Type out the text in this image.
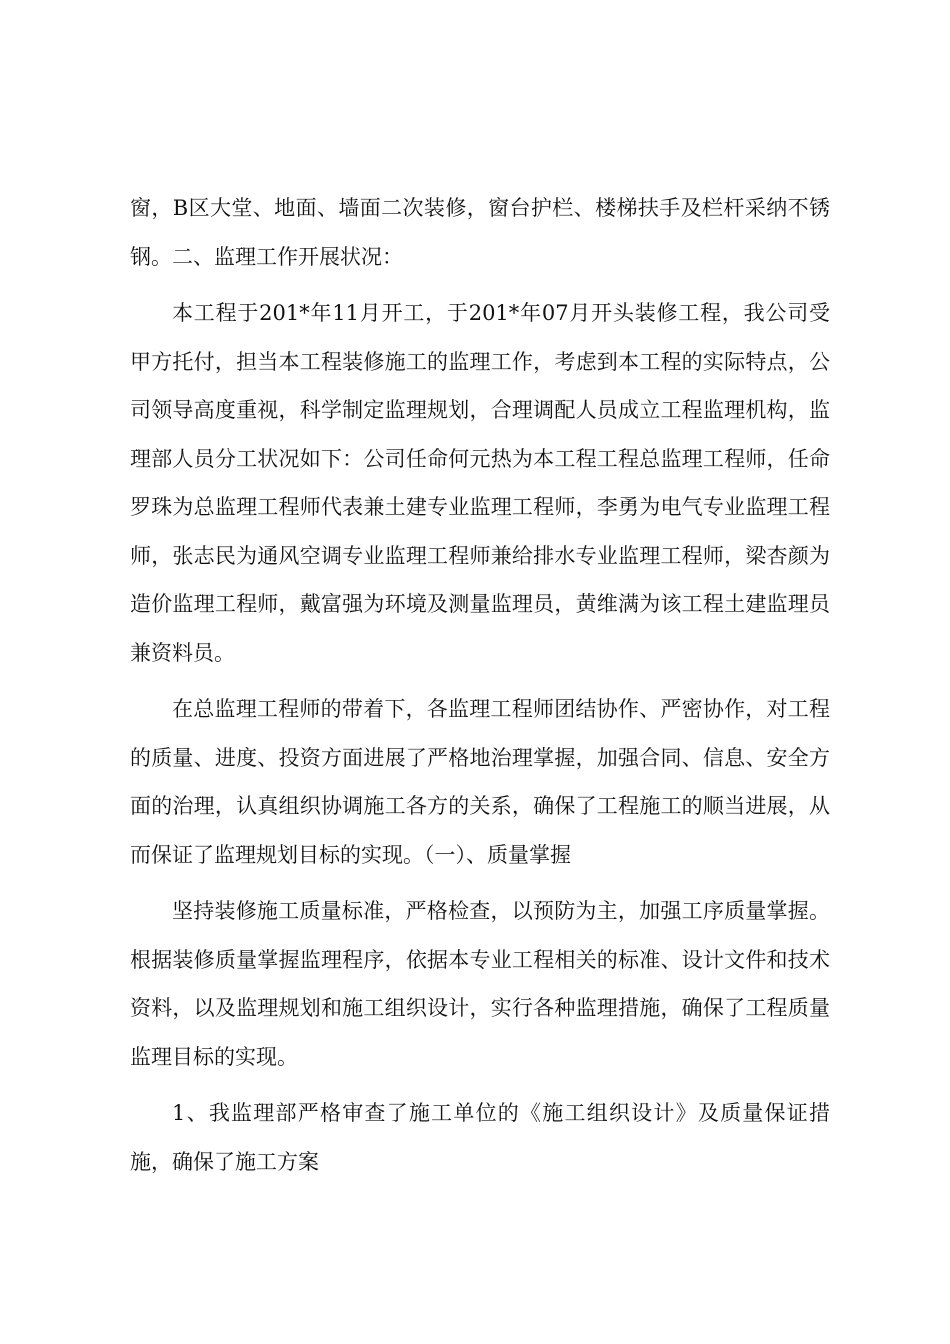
窗，B区大堂、地面、墙面二次装修，窗台护栏、楼梯扶手及栏杆采纳不锈钢。二、监理工作开展状况：

本工程于201*年11月开工，于201*年07月开头装修工程，我公司受甲方托付，担当本工程装修施工的监理工作，考虑到本工程的实际特点，公司领导高度重视，科学制定监理规划，合理调配人员成立工程监理机构，监理部人员分工状况如下：公司任命何元热为本工程工程总监理工程师，任命罗珠为总监理工程师代表兼土建专业监理工程师，李勇为电气专业监理工程师，张志民为通风空调专业监理工程师兼给排水专业监理工程师，梁杏颜为造价监理工程师，戴富强为环境及测量监理员，黄维满为该工程土建监理员兼资料员。

在总监理工程师的带着下，各监理工程师团结协作、严密协作，对工程的质量、进度、投资方面进展了严格地治理掌握，加强合同、信息、安全方面的治理，认真组织协调施工各方的关系，确保了工程施工的顺当进展，从而保证了监理规划目标的实现。（一）、质量掌握

坚持装修施工质量标准，严格检查，以预防为主，加强工序质量掌握。根据装修质量掌握监理程序，依据本专业工程相关的标准、设计文件和技术资料，以及监理规划和施工组织设计，实行各种监理措施，确保了工程质量监理目标的实现。

1、我监理部严格审查了施工单位的《施工组织设计》及质量保证措施，确保了施工方案
